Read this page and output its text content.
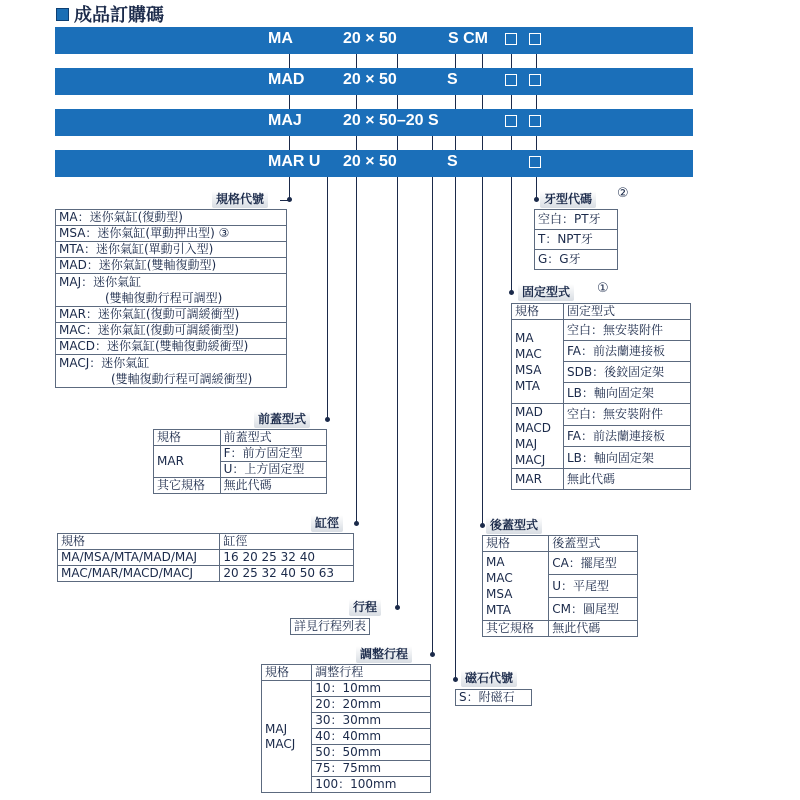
成品訂購碼
MA	20 × 50	S CM
MAD 20 × 50	S
MAJ	20 × 50–20 S
MAR U 20 × 50	S
規格代號
MA：迷你氣缸(復動型)
MSA：迷你氣缸(單動押出型) ③
MTA：迷你氣缸(單動引入型)
MAD：迷你氣缸(雙軸復動型)

MAJ：迷你氣缸
(雙軸復動行程可調型)

MAR：迷你氣缸(復動可調緩衝型)
MAC：迷你氣缸(復動可調緩衝型)
MACD：迷你氣缸(雙軸復動緩衝型)

MACJ：迷你氣缸
(雙軸復動行程可調緩衝型)
前蓋型式
規格	前蓋型式
MAR	F：前方固定型
	U：上方固定型
其它規格	無此代碼
缸徑
規格	缸徑
MA/MSA/MTA/MAD/MAJ	16 20 25 32 40
MAC/MAR/MACD/MACJ	20 25 32 40 50 63
行程
詳見行程列表
調整行程
規格	調整行程

MAJ
MACJ	10：10mm
	20：20mm
	30：30mm
	40：40mm
	50：50mm
	75：75mm
	100：100mm
磁石代號
S：附磁石
後蓋型式
規格	後蓋型式

MA
MAC
MSA
MTA	CA：擺尾型
	U：平尾型
	CM：圓尾型
其它規格	無此代碼
固定型式	①
規格	固定型式

MA
MAC
MSA
MTA	空白：無安裝附件
	FA：前法蘭連接板
	SDB：後鉸固定架
	LB：軸向固定架

MAD
MACD
MAJ
MACJ	空白：無安裝附件
	FA：前法蘭連接板
	LB：軸向固定架
MAR	無此代碼
牙型代碼	②
空白：PT牙
T：NPT牙
G：G牙
